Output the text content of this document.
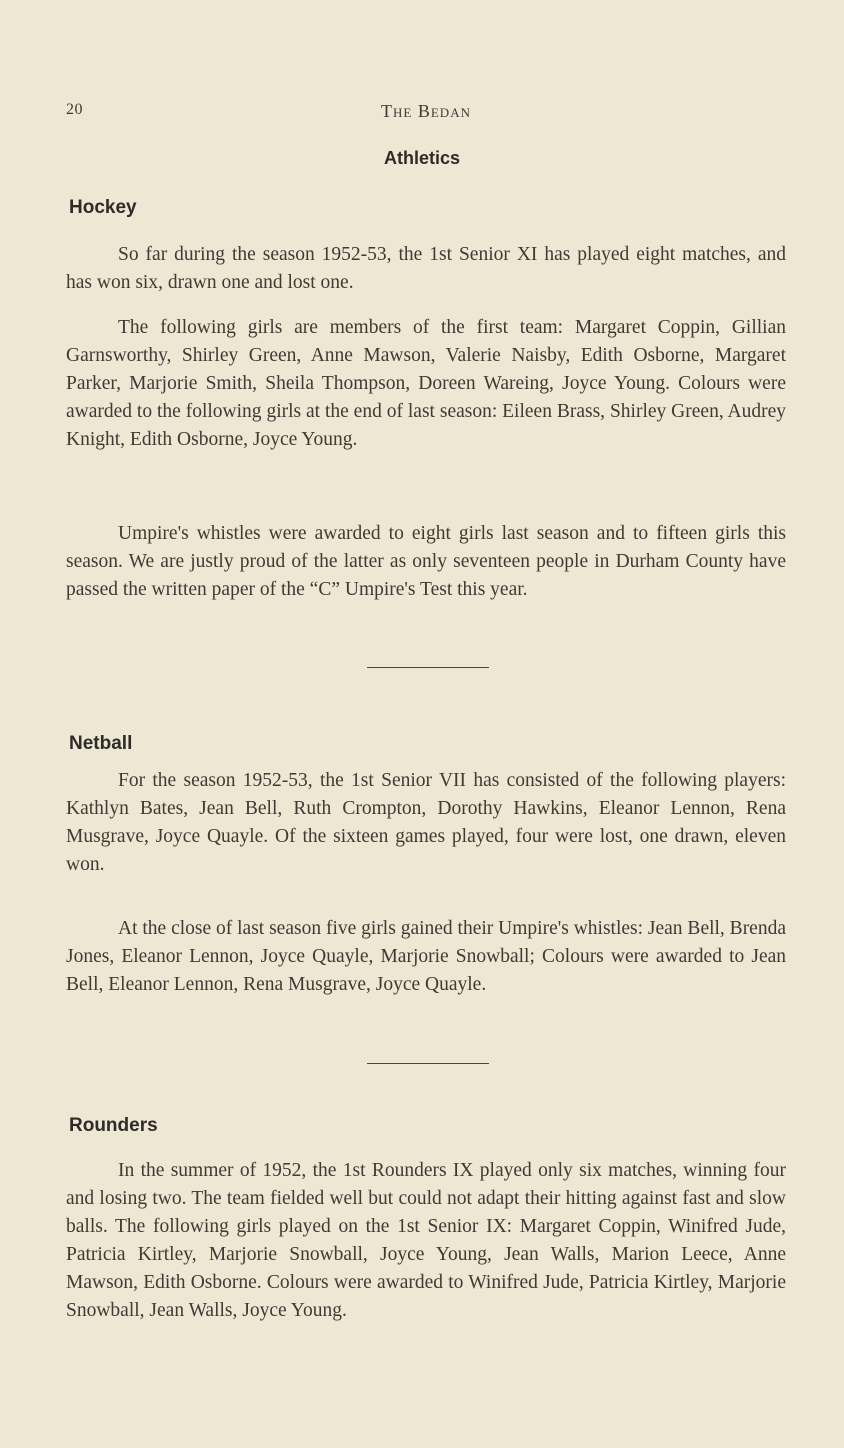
20	The Bedan
Athletics
Hockey

So far during the season 1952-53, the 1st Senior XI has played eight matches, and has won six, drawn one and lost one.

The following girls are members of the first team: Margaret Coppin, Gillian Garnsworthy, Shirley Green, Anne Mawson, Valerie Naisby, Edith Osborne, Margaret Parker, Marjorie Smith, Sheila Thompson, Doreen Wareing, Joyce Young. Colours were awarded to the following girls at the end of last season: Eileen Brass, Shirley Green, Audrey Knight, Edith Osborne, Joyce Young.

Umpire's whistles were awarded to eight girls last season and to fifteen girls this season. We are justly proud of the latter as only seventeen people in Durham County have passed the written paper of the “C” Umpire's Test this year.

Netball

For the season 1952-53, the 1st Senior VII has consisted of the following players: Kathlyn Bates, Jean Bell, Ruth Crompton, Dorothy Hawkins, Eleanor Lennon, Rena Musgrave, Joyce Quayle. Of the sixteen games played, four were lost, one drawn, eleven won.

At the close of last season five girls gained their Umpire's whistles: Jean Bell, Brenda Jones, Eleanor Lennon, Joyce Quayle, Marjorie Snowball; Colours were awarded to Jean Bell, Eleanor Lennon, Rena Musgrave, Joyce Quayle.

Rounders

In the summer of 1952, the 1st Rounders IX played only six matches, winning four and losing two. The team fielded well but could not adapt their hitting against fast and slow balls. The following girls played on the 1st Senior IX: Margaret Coppin, Winifred Jude, Patricia Kirtley, Marjorie Snowball, Joyce Young, Jean Walls, Marion Leece, Anne Mawson, Edith Osborne. Colours were awarded to Winifred Jude, Patricia Kirtley, Marjorie Snowball, Jean Walls, Joyce Young.
